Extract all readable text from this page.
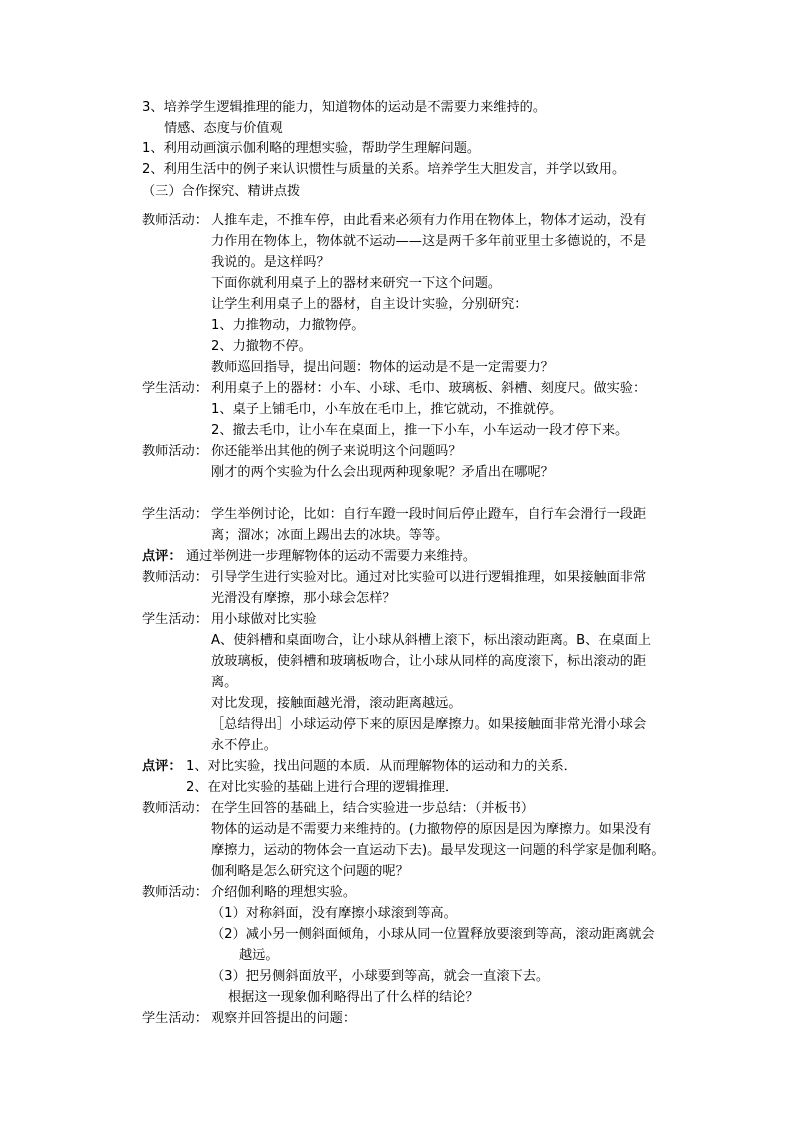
3、培养学生逻辑推理的能力，知道物体的运动是不需要力来维持的。
情感、态度与价值观
1、利用动画演示伽利略的理想实验，帮助学生理解问题。
2、利用生活中的例子来认识惯性与质量的关系。培养学生大胆发言，并学以致用。
（三）合作探究、精讲点拨
教师活动： 人推车走，不推车停，由此看来必须有力作用在物体上，物体才运动，没有
力作用在物体上，物体就不运动——这是两千多年前亚里士多德说的，不是
我说的。是这样吗？
下面你就利用桌子上的器材来研究一下这个问题。
让学生利用桌子上的器材，自主设计实验，分别研究：
1、力推物动，力撤物停。
2、力撤物不停。
教师巡回指导，提出问题：物体的运动是不是一定需要力？
学生活动： 利用桌子上的器材：小车、小球、毛巾、玻璃板、斜槽、刻度尺。做实验：
1、桌子上铺毛巾，小车放在毛巾上，推它就动，不推就停。
2、撤去毛巾，让小车在桌面上，推一下小车，小车运动一段才停下来。
教师活动： 你还能举出其他的例子来说明这个问题吗？
刚才的两个实验为什么会出现两种现象呢？矛盾出在哪呢？
学生活动： 学生举例讨论，比如：自行车蹬一段时间后停止蹬车，自行车会滑行一段距
离；溜冰；冰面上踢出去的冰块。等等。
点评： 通过举例进一步理解物体的运动不需要力来维持。
教师活动： 引导学生进行实验对比。通过对比实验可以进行逻辑推理，如果接触面非常
光滑没有摩擦，那小球会怎样？
学生活动： 用小球做对比实验
A、使斜槽和桌面吻合，让小球从斜槽上滚下，标出滚动距离。B、在桌面上
放玻璃板，使斜槽和玻璃板吻合，让小球从同样的高度滚下，标出滚动的距
离。
对比发现，接触面越光滑，滚动距离越远。
［总结得出］小球运动停下来的原因是摩擦力。如果接触面非常光滑小球会
永不停止。
点评： 1、对比实验，找出问题的本质．从而理解物体的运动和力的关系．
2、在对比实验的基础上进行合理的逻辑推理．
教师活动： 在学生回答的基础上，结合实验进一步总结：（并板书）
物体的运动是不需要力来维持的。(力撤物停的原因是因为摩擦力。如果没有
摩擦力，运动的物体会一直运动下去)。最早发现这一问题的科学家是伽利略。
伽利略是怎么研究这个问题的呢？
教师活动： 介绍伽利略的理想实验。
（1）对称斜面，没有摩擦小球滚到等高。
（2）减小另一侧斜面倾角，小球从同一位置释放要滚到等高，滚动距离就会
越远。
（3）把另侧斜面放平，小球要到等高，就会一直滚下去。
根据这一现象伽利略得出了什么样的结论？
学生活动： 观察并回答提出的问题：
